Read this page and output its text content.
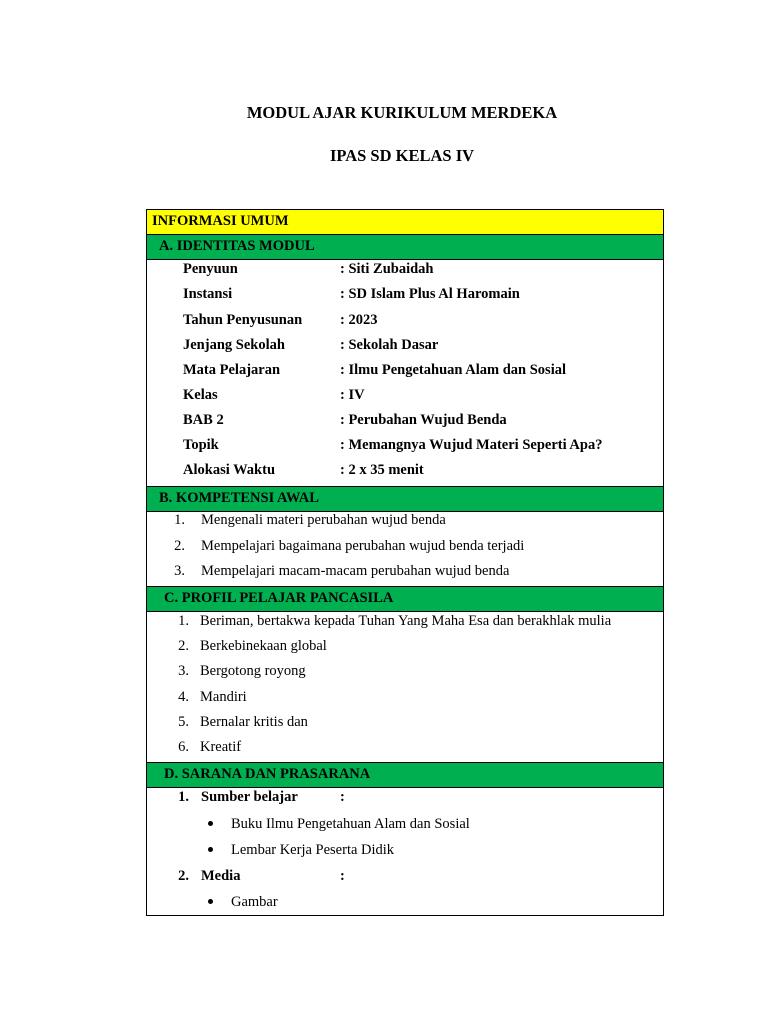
MODUL AJAR KURIKULUM MERDEKA
IPAS SD KELAS IV
INFORMASI UMUM
A. IDENTITAS MODUL
Penyuun	: Siti Zubaidah
Instansi	: SD Islam Plus Al Haromain
Tahun Penyusunan	: 2023
Jenjang Sekolah	: Sekolah Dasar
Mata Pelajaran	: Ilmu Pengetahuan Alam dan Sosial
Kelas	: IV
BAB 2	: Perubahan Wujud Benda
Topik	: Memangnya Wujud Materi Seperti Apa?
Alokasi Waktu	: 2 x 35 menit
B. KOMPETENSI AWAL
1. Mengenali materi perubahan wujud benda
2. Mempelajari bagaimana perubahan wujud benda terjadi
3. Mempelajari macam-macam perubahan wujud benda
C. PROFIL PELAJAR PANCASILA
1. Beriman, bertakwa kepada Tuhan Yang Maha Esa dan berakhlak mulia
2. Berkebinekaan global
3. Bergotong royong
4. Mandiri
5. Bernalar kritis dan
6. Kreatif
D. SARANA DAN PRASARANA
1. Sumber belajar	:
Buku Ilmu Pengetahuan Alam dan Sosial
Lembar Kerja Peserta Didik
2. Media	:
Gambar
